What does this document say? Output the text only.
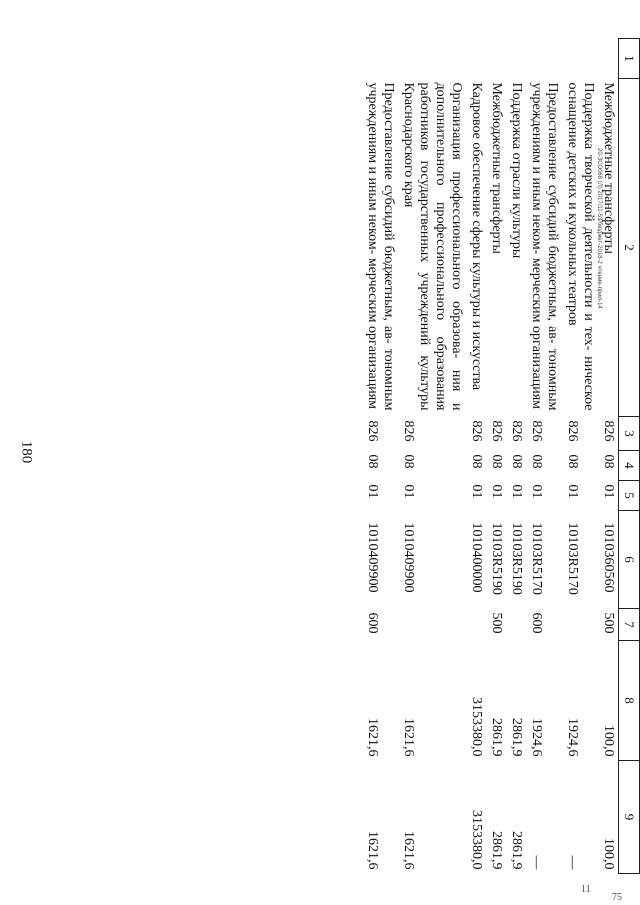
180
11
75
20-ЗСО068 (Л) 2017/11-53/бюджет-2018-2 чтение-прил-14
1	2	3	4	5	6	7	8	9
	Межбюджетные трансферты	826	08	01	1010360560	500	100,0	100,0
	Поддержка творческой деятельности и тех- ническое оснащение детских и кукольных театров	826	08	01	10103R5170		1924,6	—
	Предоставление субсидий бюджетным, ав- тономным учреждениям и иным неком- мерческим организациям	826	08	01	10103R5170	600	1924,6	—
	Поддержка отрасли культуры	826	08	01	10103R5190		2861,9	2861,9
	Межбюджетные трансферты	826	08	01	10103R5190	500	2861,9	2861,9
	Кадровое обеспечение сферы культуры и искусства	826	08	01	1010400000		3153380,0	3153380,0
	Организация профессионального образова- ния и дополнительного профессионального образования работников государственных учреждений культуры Краснодарского края	826	08	01	1010409900		1621,6	1621,6
	Предоставление субсидий бюджетным, ав- тономным учреждениям и иным неком- мерческим организациям	826	08	01	1010409900	600	1621,6	1621,6
